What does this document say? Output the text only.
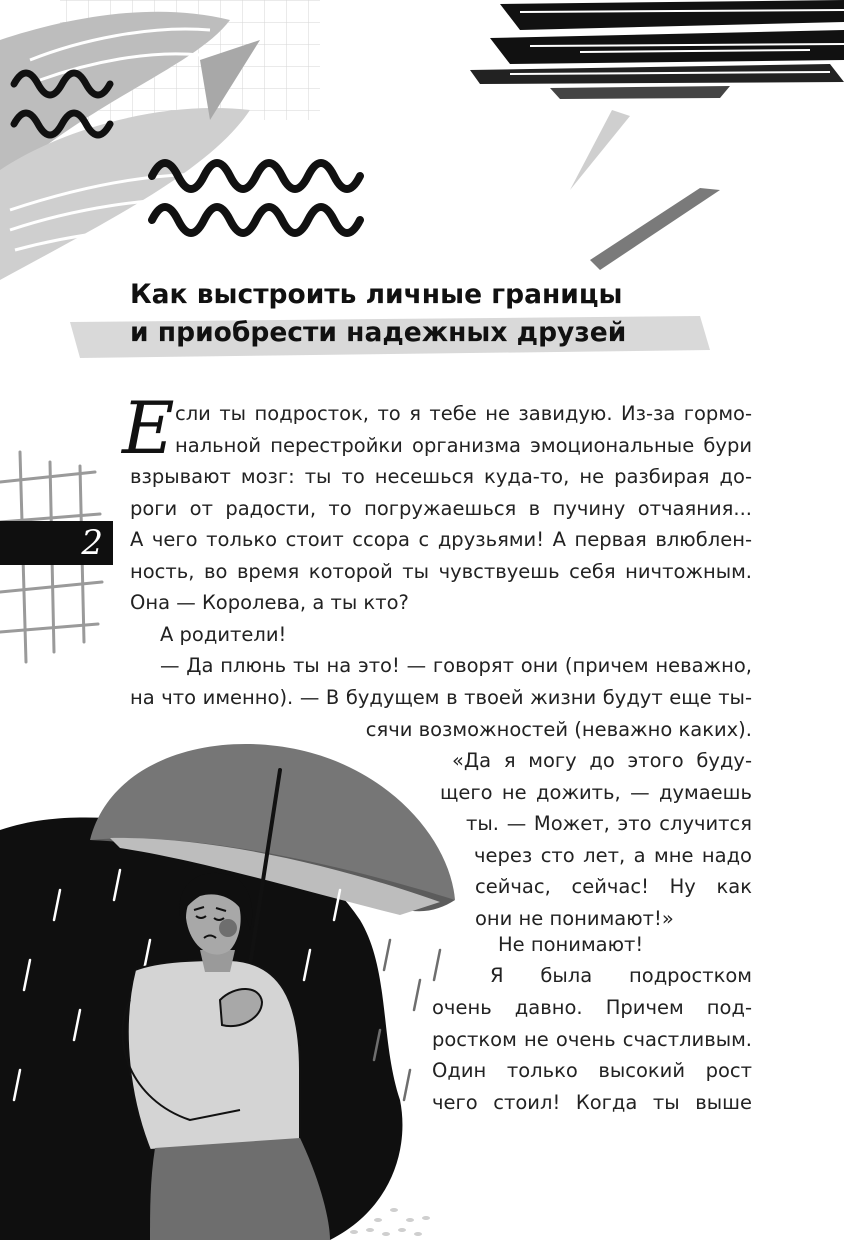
Как выстроить личные границы
и приобрести надежных друзей
2
Е сли ты подросток, то я тебе не завидую. Из-за гормо-
нальной перестройки организма эмоциональные бури
взрывают мозг: ты то несешься куда-то, не разбирая до-
роги от радости, то погружаешься в пучину отчаяния...
А чего только стоит ссора с друзьями! А первая влюблен-
ность, во время которой ты чувствуешь себя ничтожным.
Она — Королева, а ты кто?
А родители!
— Да плюнь ты на это! — говорят они (причем неважно,
на что именно). — В будущем в твоей жизни будут еще ты-
сячи возможностей (неважно каких).
«Да я могу до этого буду-
щего не дожить, — думаешь
ты. — Может, это случится
через сто лет, а мне надо
сейчас, сейчас! Ну как
они не понимают!»
Не понимают!
Я была подростком
очень давно. Причем под-
ростком не очень счастливым.
Один только высокий рост
чего стоил! Когда ты выше
